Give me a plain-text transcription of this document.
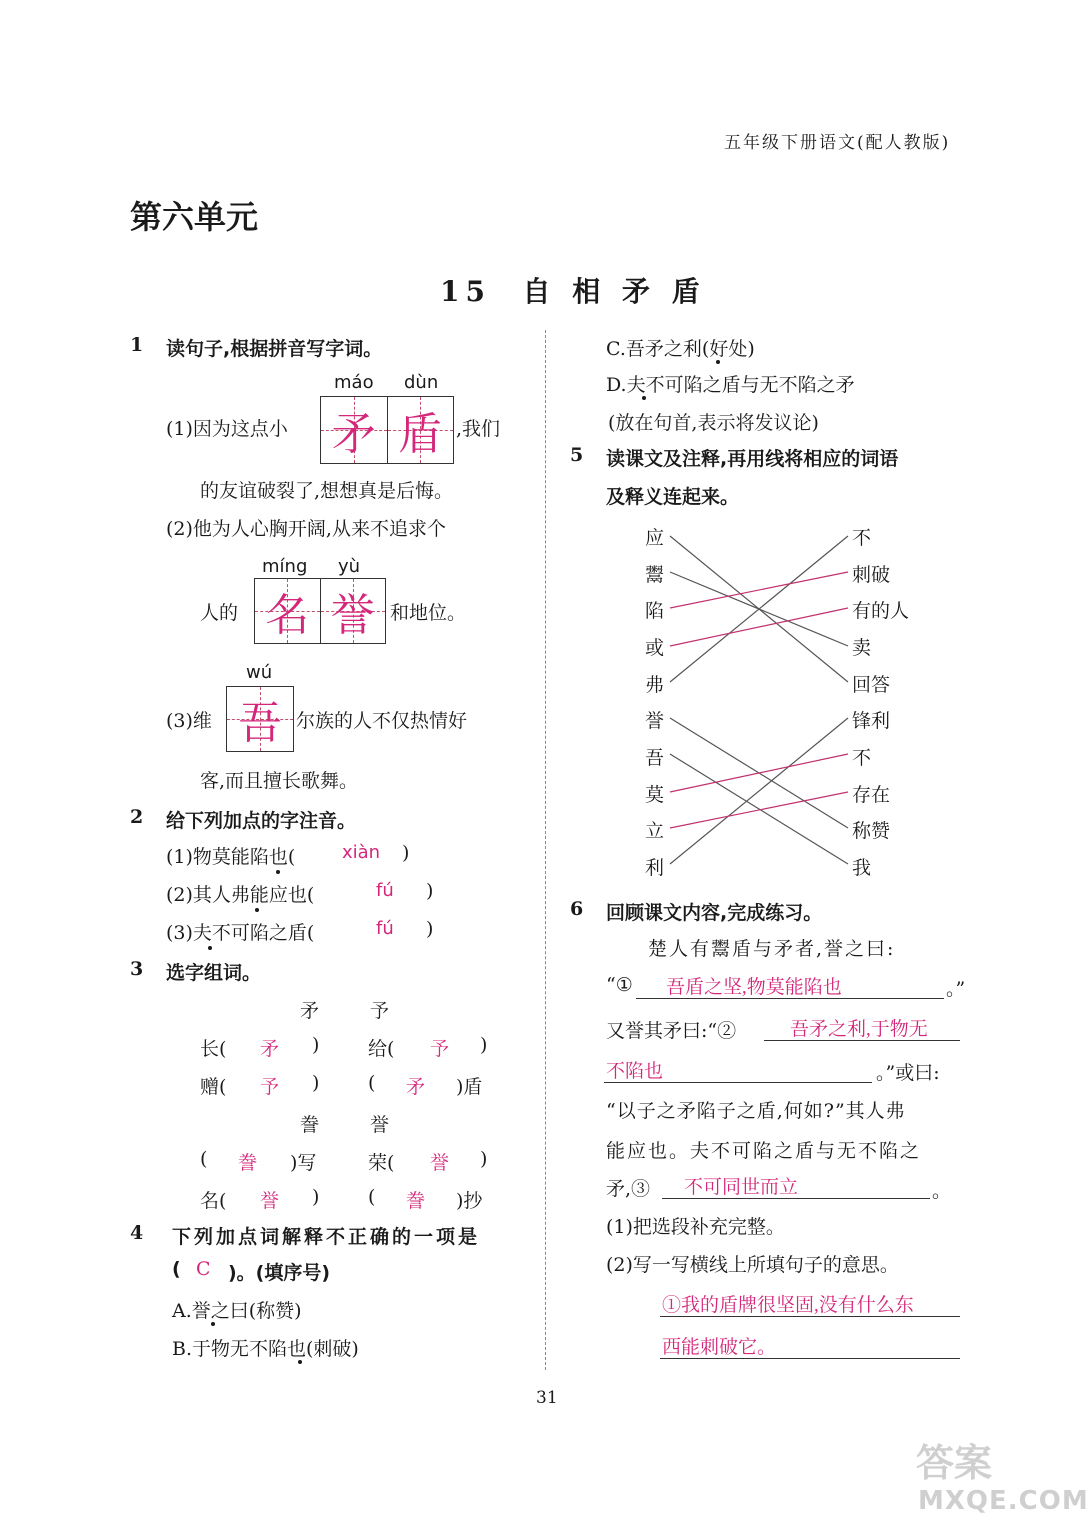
五年级下册语文(配人教版)
第六单元
15 自 相 矛 盾
1 读句子,根据拼音写字词。
máo dùn
(1)因为这点小 矛 盾 ,我们
的友谊破裂了,想想真是后悔。
(2)他为人心胸开阔,从来不追求个
míng yù
人的 名 誉 和地位。
wú
(3)维 吾 尔族的人不仅热情好
客,而且擅长歌舞。
2 给下列加点的字注音。
(1)物莫能陷也(	xiàn )
(2)其人弗能应也(	fú )
(3)夫不可陷之盾(	fú )
3 选字组词。
矛	予
长( 矛 )	给( 予 )
赠( 予 )	( 矛 )盾
誊	誉
( 誊 )写	荣( 誉 )
名( 誉 )	( 誊 )抄
4 下列加点词解释不正确的一项是
( C )。(填序号)
A.誉之曰(称赞)
B.于物无不陷也(刺破)
C.吾矛之利(好处)
D.夫不可陷之盾与无不陷之矛
(放在句首,表示将发议论)
5 读课文及注释,再用线将相应的词语
及释义连起来。
应
鬻
陷
或
弗
誉
吾
莫
立
利
不
刺破
有的人
卖
回答
锋利
不
存在
称赞
我
6 回顾课文内容,完成练习。
楚人有鬻盾与矛者,誉之曰:
“① 吾盾之坚,物莫能陷也	。”
又誉其矛曰:“②	吾矛之利,于物无
不陷也	。”或曰:
“以子之矛陷子之盾,何如?”其人弗
能应也。夫不可陷之盾与无不陷之
矛,③ 不可同世而立	。
(1)把选段补充完整。
(2)写一写横线上所填句子的意思。
①我的盾牌很坚固,没有什么东
西能刺破它。
31
答案
MXQE.COM
